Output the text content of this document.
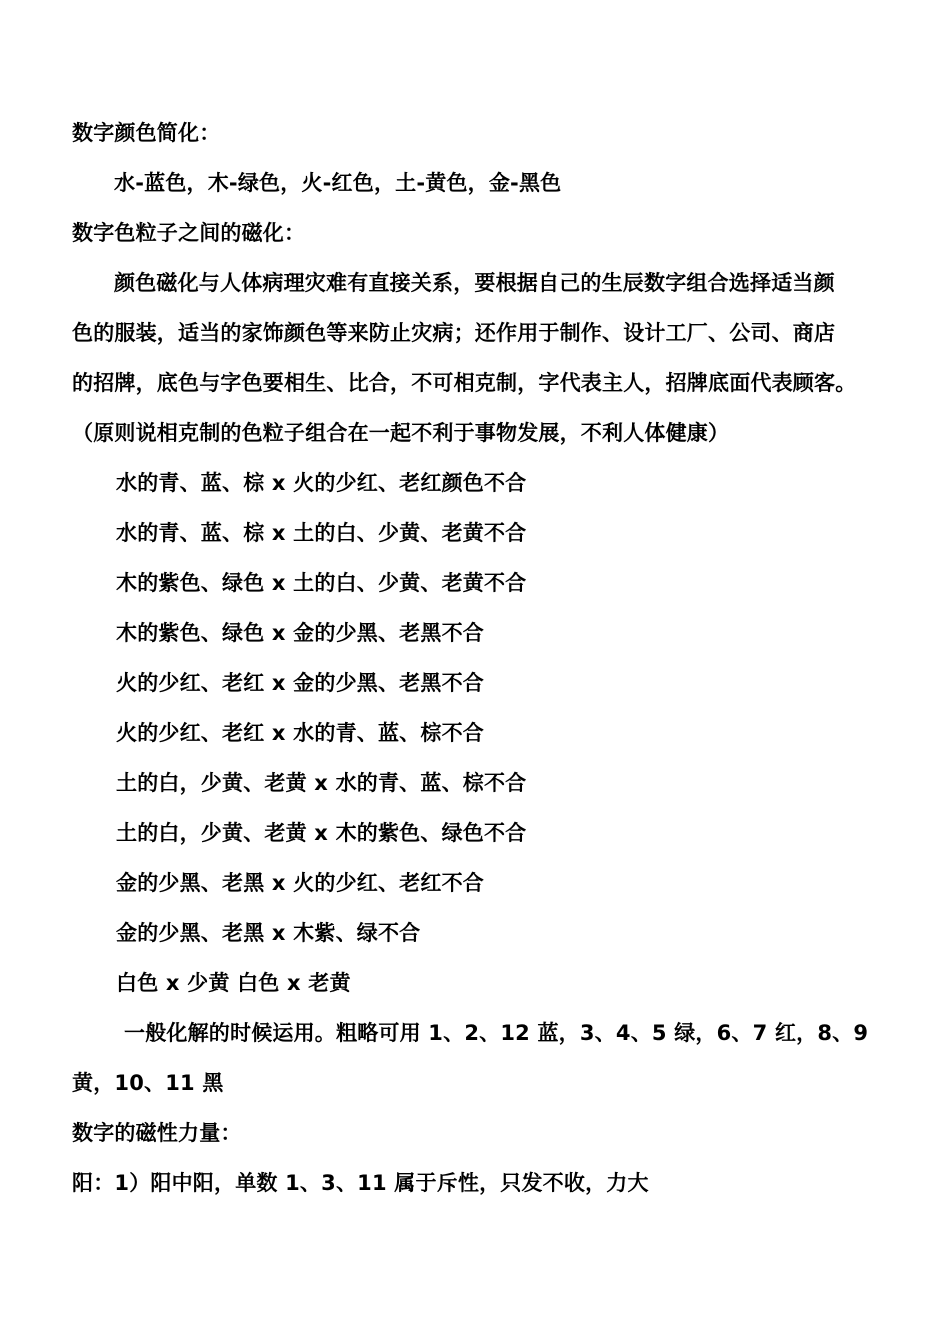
数字颜色简化：
水-蓝色，木-绿色，火-红色，土-黄色，金-黑色
数字色粒子之间的磁化：
颜色磁化与人体病理灾难有直接关系，要根据自己的生辰数字组合选择适当颜
色的服装，适当的家饰颜色等来防止灾病；还作用于制作、设计工厂、公司、商店
的招牌，底色与字色要相生、比合，不可相克制，字代表主人，招牌底面代表顾客。
（原则说相克制的色粒子组合在一起不利于事物发展，不利人体健康）
水的青、蓝、棕 x 火的少红、老红颜色不合
水的青、蓝、棕 x 土的白、少黄、老黄不合
木的紫色、绿色 x 土的白、少黄、老黄不合
木的紫色、绿色 x 金的少黑、老黑不合
火的少红、老红 x 金的少黑、老黑不合
火的少红、老红 x 水的青、蓝、棕不合
土的白，少黄、老黄 x 水的青、蓝、棕不合
土的白，少黄、老黄 x 木的紫色、绿色不合
金的少黑、老黑 x 火的少红、老红不合
金的少黑、老黑 x 木紫、绿不合
白色 x 少黄 白色 x 老黄
一般化解的时候运用。粗略可用 1、2、12 蓝，3、4、5 绿，6、7 红，8、9
黄，10、11 黑
数字的磁性力量：
阳：1）阳中阳，单数 1、3、11 属于斥性，只发不收，力大
